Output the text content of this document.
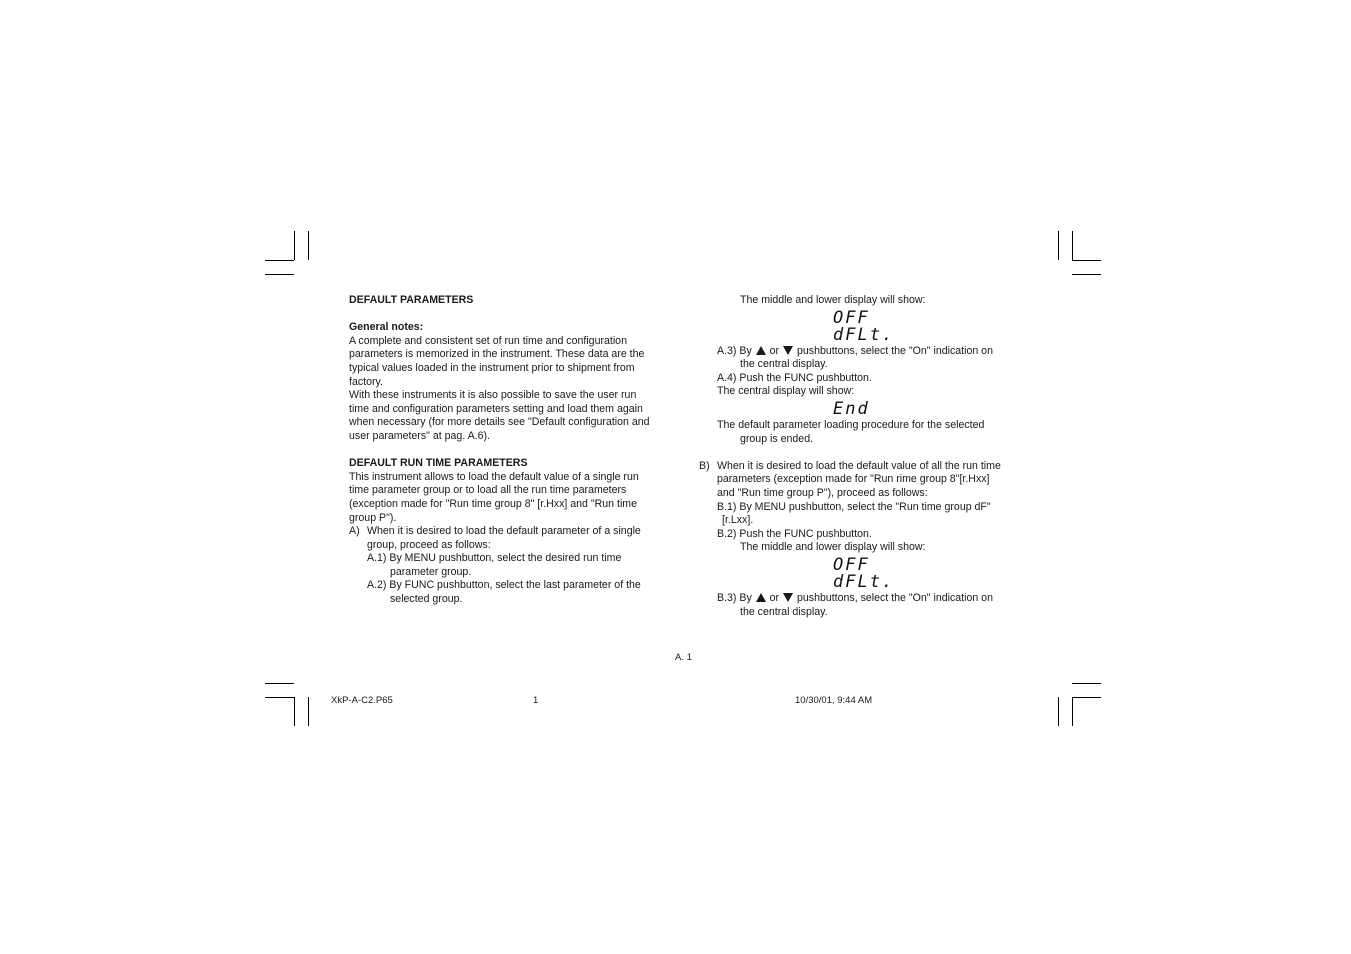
DEFAULT PARAMETERS

General notes:

A complete and consistent set of run time and configuration

parameters is memorized in the instrument. These data are the

typical values loaded in the instrument prior to shipment from

factory.

With these instruments it is also possible to save the user run

time and configuration parameters setting and load them again

when necessary (for more details see "Default configuration and

user parameters" at pag. A.6).

DEFAULT RUN TIME PARAMETERS

This instrument allows to load the default value of a single run

time parameter group or to load all the run time parameters

(exception made for "Run time group 8" [r.Hxx] and "Run time

group P").

A) When it is desired to load the default parameter of a single

group, proceed as follows:

A.1) By MENU pushbutton, select the desired run time

parameter group.

A.2) By FUNC pushbutton, select the last parameter of the

selected group.

The middle and lower display will show:

OFF

dFLt.

A.3) By or pushbuttons, select the "On" indication on

the central display.

A.4) Push the FUNC pushbutton.

The central display will show:

End

The default parameter loading procedure for the selected

group is ended.

B) When it is desired to load the default value of all the run time

parameters (exception made for "Run rime group 8"[r.Hxx]

and "Run time group P"), proceed as follows:

B.1) By MENU pushbutton, select the "Run time group dF"

[r.Lxx].

B.2) Push the FUNC pushbutton.

The middle and lower display will show:

OFF

dFLt.

B.3) By or pushbuttons, select the "On" indication on

the central display.

A. 1
XkP-A-C2.P65	1	10/30/01, 9:44 AM
